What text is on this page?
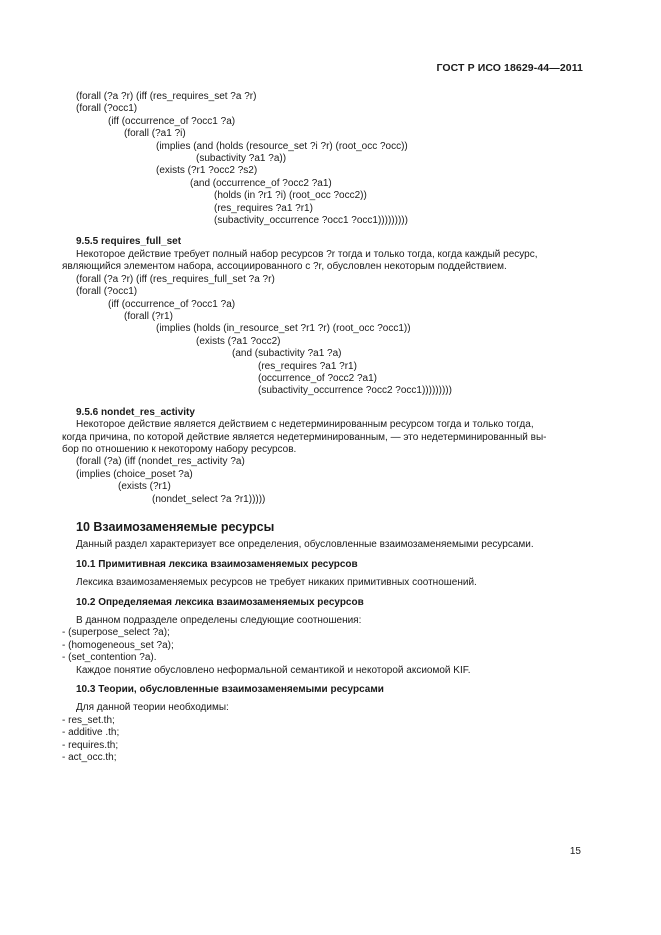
ГОСТ Р ИСО 18629-44—2011
(forall (?a ?r) (iff (res_requires_set ?a ?r)
(forall (?occ1)
(iff (occurrence_of ?occ1 ?a)
(forall (?a1 ?i)
(implies (and (holds (resource_set ?i ?r) (root_occ ?occ))
(subactivity ?a1 ?a))
(exists (?r1 ?occ2 ?s2)
(and (occurrence_of ?occ2 ?a1)
(holds (in ?r1 ?i) (root_occ ?occ2))
(res_requires ?a1 ?r1)
(subactivity_occurrence ?occ1 ?occ1)))))))))
9.5.5 requires_full_set
Некоторое действие требует полный набор ресурсов ?r тогда и только тогда, когда каждый ресурс,
являющийся элементом набора, ассоциированного с ?r, обусловлен некоторым поддействием.
(forall (?a ?r) (iff (res_requires_full_set ?a ?r)
(forall (?occ1)
(iff (occurrence_of ?occ1 ?a)
(forall (?r1)
(implies (holds (in_resource_set ?r1 ?r) (root_occ ?occ1))
(exists (?a1 ?occ2)
(and (subactivity ?a1 ?a)
(res_requires ?a1 ?r1)
(occurrence_of ?occ2 ?a1)
(subactivity_occurrence ?occ2 ?occ1)))))))))
9.5.6 nondet_res_activity
Некоторое действие является действием с недетерминированным ресурсом тогда и только тогда,
когда причина, по которой действие является недетерминированным, — это недетерминированный вы-
бор по отношению к некоторому набору ресурсов.
(forall (?a) (iff (nondet_res_activity ?a)
(implies (choice_poset ?a)
(exists (?r1)
(nondet_select ?a ?r1)))))
10 Взаимозаменяемые ресурсы
Данный раздел характеризует все определения, обусловленные взаимозаменяемыми ресурсами.
10.1 Примитивная лексика взаимозаменяемых ресурсов
Лексика взаимозаменяемых ресурсов не требует никаких примитивных соотношений.
10.2 Определяемая лексика взаимозаменяемых ресурсов
В данном подразделе определены следующие соотношения:
- (superpose_select ?a);
- (homogeneous_set ?a);
- (set_contention ?a).
Каждое понятие обусловлено неформальной семантикой и некоторой аксиомой KIF.
10.3 Теории, обусловленные взаимозаменяемыми ресурсами
Для данной теории необходимы:
- res_set.th;
- additive .th;
- requires.th;
- act_occ.th;
15
